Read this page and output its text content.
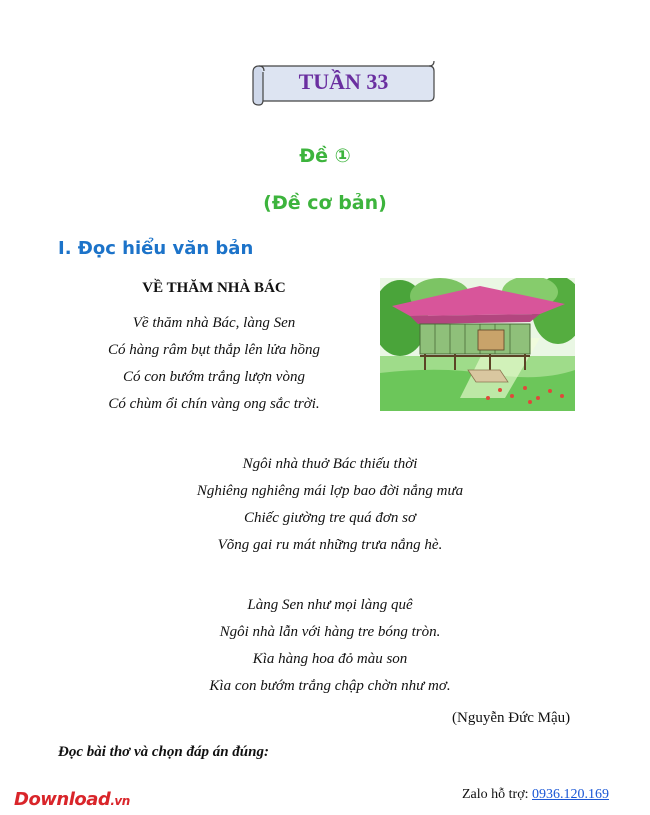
TUẦN 33
Đề ①
(Đề cơ bản)
I. Đọc hiểu văn bản
VỀ THĂM NHÀ BÁC
Về thăm nhà Bác, làng Sen
Có hàng râm bụt thắp lên lửa hồng
Có con bướm trắng lượn vòng
Có chùm ổi chín vàng ong sắc trời.
Ngôi nhà thuở Bác thiếu thời
Nghiêng nghiêng mái lợp bao đời nắng mưa
Chiếc giường tre quá đơn sơ
Võng gai ru mát những trưa nắng hè.
Làng Sen như mọi làng quê
Ngôi nhà lẫn với hàng tre bóng tròn.
Kìa hàng hoa đỏ màu son
Kìa con bướm trắng chập chờn như mơ.
(Nguyễn Đức Mậu)
Đọc bài thơ và chọn đáp án đúng:
Download.vn	Zalo hỗ trợ: 0936.120.169
